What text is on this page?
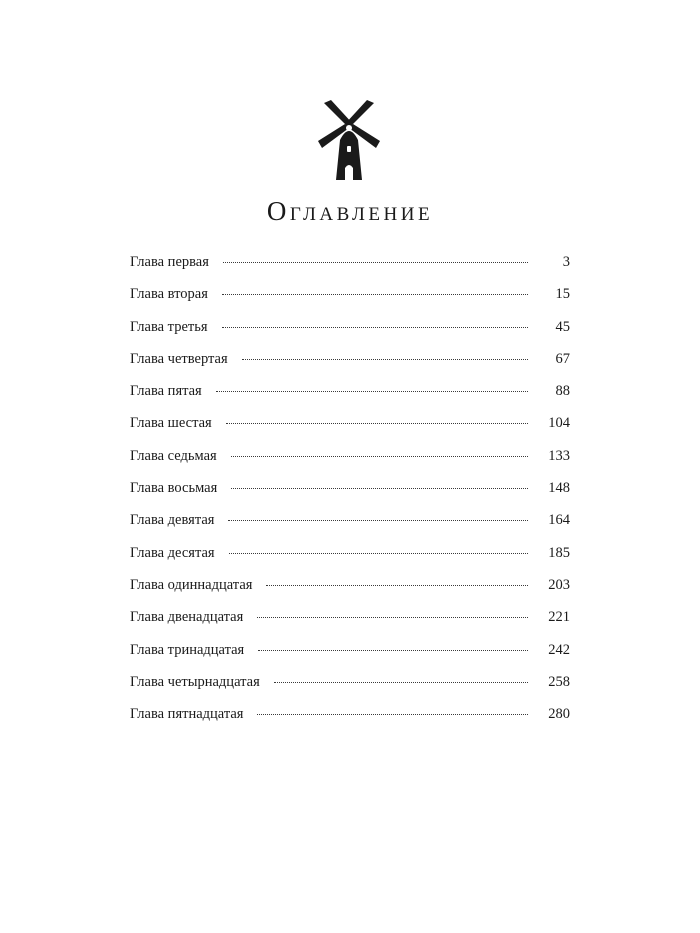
Оглавление
Глава первая	3
Глава вторая	15
Глава третья	45
Глава четвертая	67
Глава пятая	88
Глава шестая	104
Глава седьмая	133
Глава восьмая	148
Глава девятая	164
Глава десятая	185
Глава одиннадцатая	203
Глава двенадцатая	221
Глава тринадцатая	242
Глава четырнадцатая	258
Глава пятнадцатая	280
